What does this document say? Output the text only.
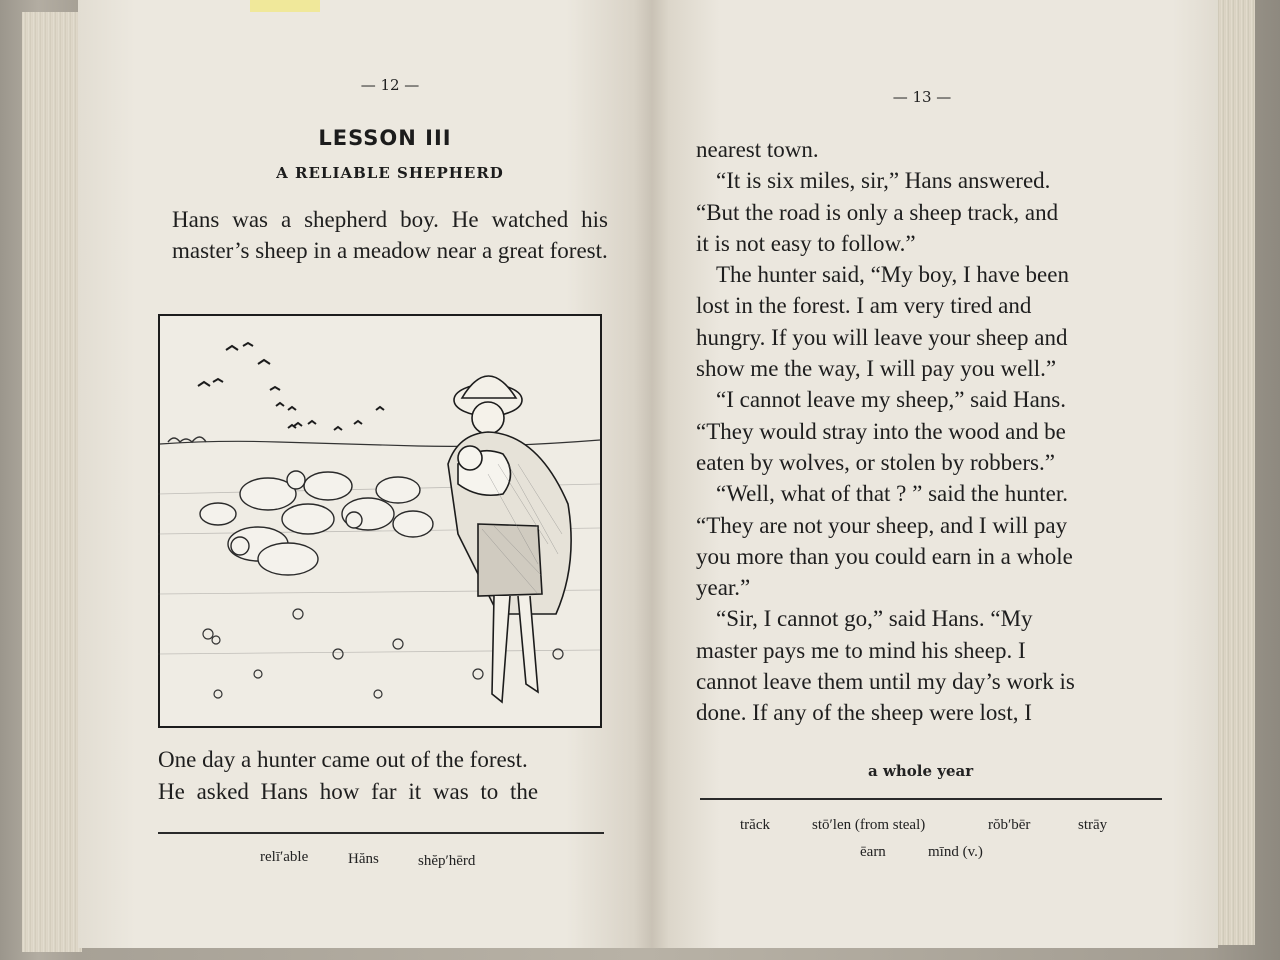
— 12 —
LESSON III
A RELIABLE SHEPHERD
Hans was a shepherd boy. He watched his master’s sheep in a meadow near a great forest.
One day a hunter came out of the forest.
He asked Hans how far it was to the
relī′able	Hăns	shĕp′hērd
— 13 —
nearest town.
“It is six miles, sir,” Hans answered.
“But the road is only a sheep track, and
it is not easy to follow.”
The hunter said, “My boy, I have been
lost in the forest. I am very tired and
hungry. If you will leave your sheep and
show me the way, I will pay you well.”
“I cannot leave my sheep,” said Hans.
“They would stray into the wood and be
eaten by wolves, or stolen by robbers.”
“Well, what of that ? ” said the hunter.
“They are not your sheep, and I will pay
you more than you could earn in a whole
year.”
“Sir, I cannot go,” said Hans. “My
master pays me to mind his sheep. I
cannot leave them until my day’s work is
done. If any of the sheep were lost, I
a whole year
trăck	stō′len (from steal)	rŏb′bēr	strāy
ēarn	mīnd (v.)
